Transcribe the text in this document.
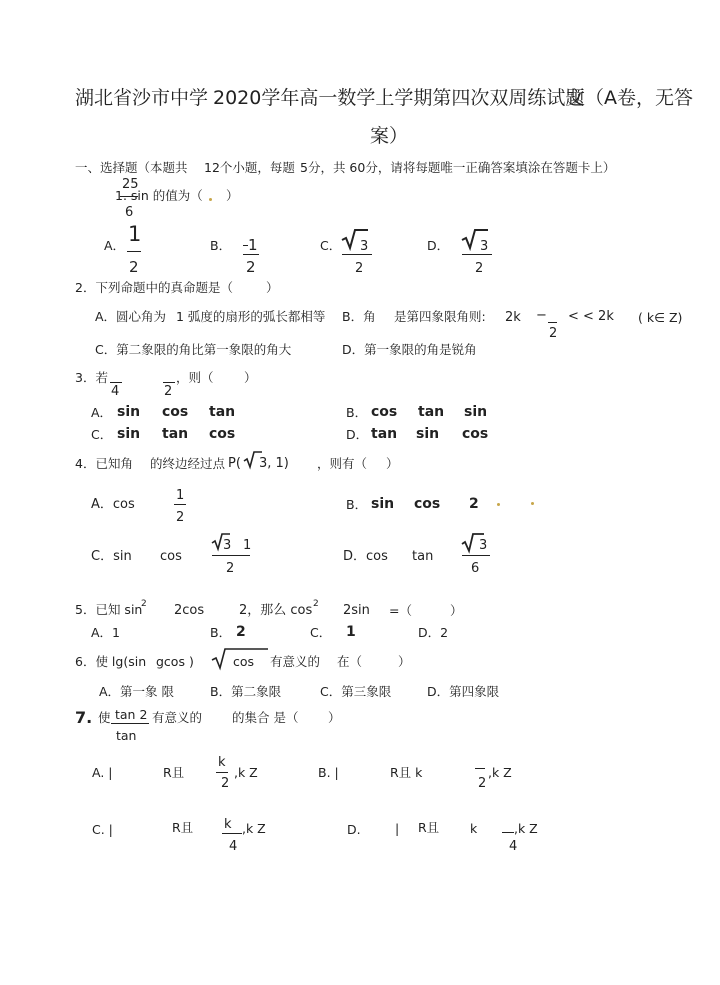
湖北省沙市中学 2020学年高一数学上学期第四次双周练试题
文（A卷，无答
案）
一、选择题（本题共 12个小题，每题 5分，共 60分，请将每题唯一正确答案填涂在答题卡上）
25
1. sin 的值为（ ）
6
A． 1
2
B． 1
2
C． 3
2
D． 3
2
2．下列命题中的真命题是（	）
A．圆心角为 1 弧度的扇形的弧长都相等 B．角 是第四象限角则: 2k −
2
< < 2k ( k∈ Z)
C．第二象限的角比第一象限的角大	D．第一象限的角是锐角
3．若
4	2
，则（ ）
A． sin cos tan	B． cos tan sin
C． sin tan cos	D． tan sin cos
4．已知角 的终边经过点 P( 3, 1) ，则有（ ）
A．cos
1
2
B． sin cos 2
C．sin cos
3 1
2
D．cos tan
3
6
5．已知 sin
2 2cos	2，那么 cos 2 2sin =（	）
A．1	B． 2	C． 1	D．2
6．使 lg(sin gcos )	cos 有意义的 在（	）
A．第一象 限	B．第二象限	C．第三象限	D．第四象限
7. 使 tan 2
tan
有意义的 的集合 是（ ）
A. |	R且
k
2
,k Z	B. |	R且 k
2
,k Z
C. |	R且 k
4
,k Z	D.	| R且 k
4
,k Z
